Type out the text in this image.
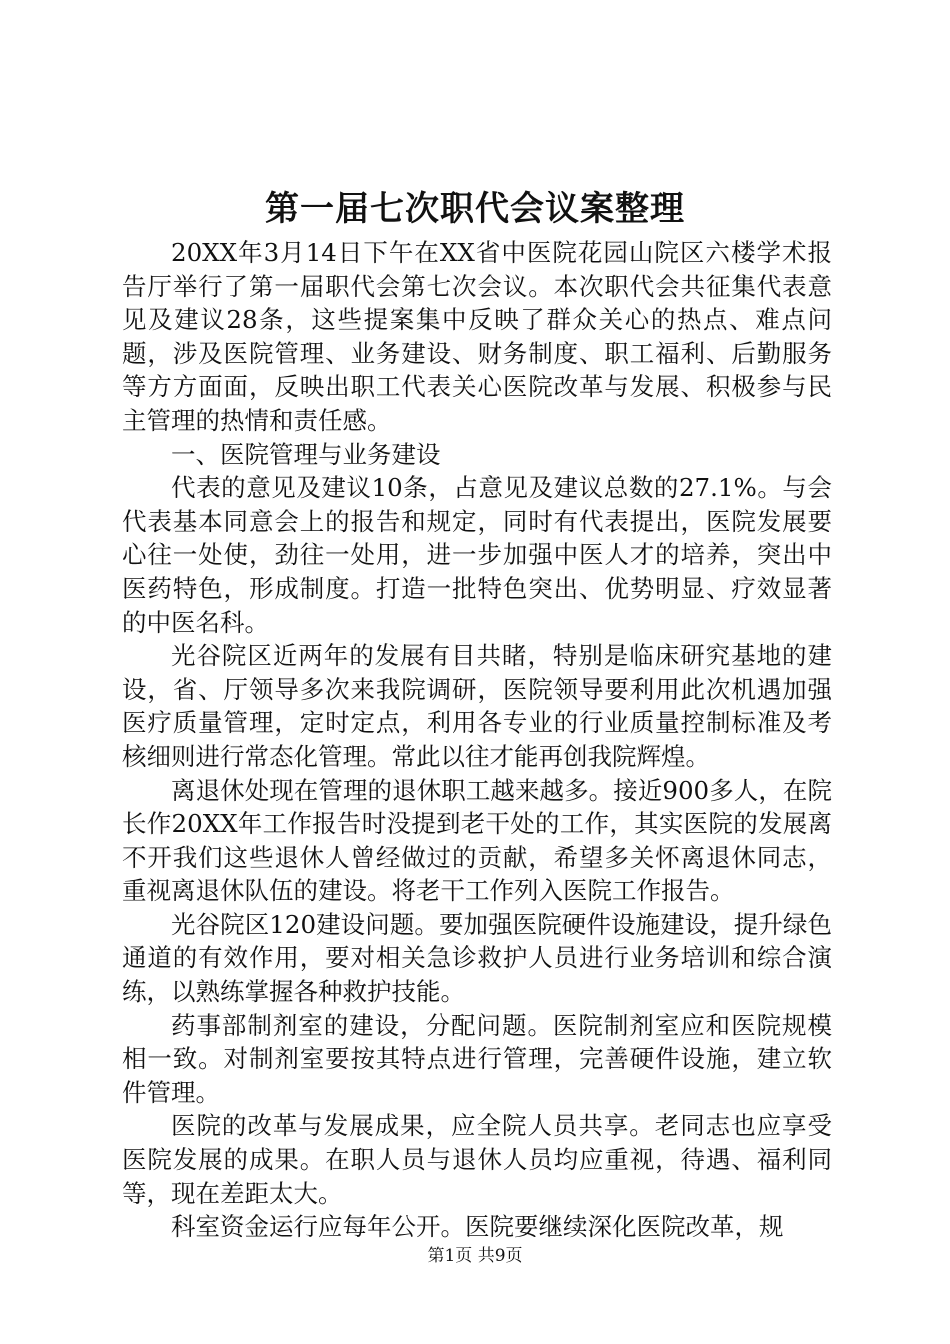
第一届七次职代会议案整理

20XX年3月14日下午在XX省中医院花园山院区六楼学术报告厅举行了第一届职代会第七次会议。本次职代会共征集代表意见及建议28条，这些提案集中反映了群众关心的热点、难点问题，涉及医院管理、业务建设、财务制度、职工福利、后勤服务等方方面面，反映出职工代表关心医院改革与发展、积极参与民主管理的热情和责任感。

一、医院管理与业务建设

代表的意见及建议10条，占意见及建议总数的27.1%。与会代表基本同意会上的报告和规定，同时有代表提出，医院发展要心往一处使，劲往一处用，进一步加强中医人才的培养，突出中医药特色，形成制度。打造一批特色突出、优势明显、疗效显著的中医名科。

光谷院区近两年的发展有目共睹，特别是临床研究基地的建设，省、厅领导多次来我院调研，医院领导要利用此次机遇加强医疗质量管理，定时定点，利用各专业的行业质量控制标准及考核细则进行常态化管理。常此以往才能再创我院辉煌。

离退休处现在管理的退休职工越来越多。接近900多人，在院长作20XX年工作报告时没提到老干处的工作，其实医院的发展离不开我们这些退休人曾经做过的贡献，希望多关怀离退休同志，重视离退休队伍的建设。将老干工作列入医院工作报告。

光谷院区120建设问题。要加强医院硬件设施建设，提升绿色通道的有效作用，要对相关急诊救护人员进行业务培训和综合演练，以熟练掌握各种救护技能。

药事部制剂室的建设，分配问题。医院制剂室应和医院规模相一致。对制剂室要按其特点进行管理，完善硬件设施，建立软件管理。

医院的改革与发展成果，应全院人员共享。老同志也应享受医院发展的成果。在职人员与退休人员均应重视，待遇、福利同等，现在差距太大。

科室资金运行应每年公开。医院要继续深化医院改革，规

第1页 共9页
